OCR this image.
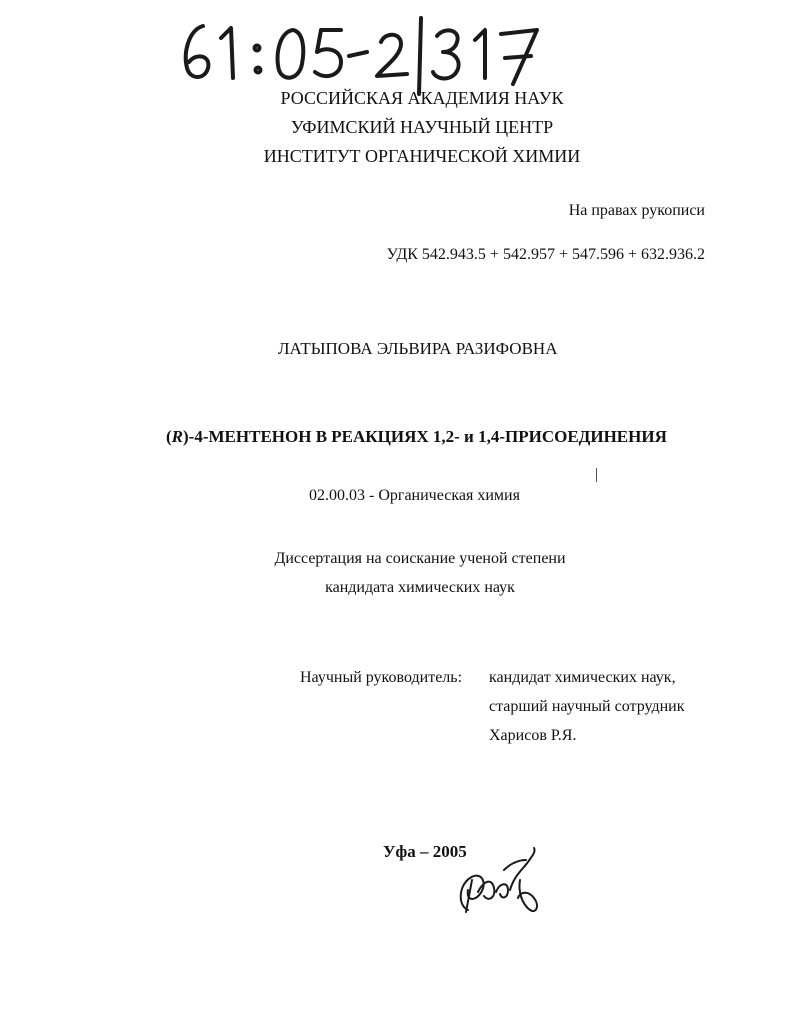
РОССИЙСКАЯ АКАДЕМИЯ НАУК
УФИМСКИЙ НАУЧНЫЙ ЦЕНТР
ИНСТИТУТ ОРГАНИЧЕСКОЙ ХИМИИ
На правах рукописи
УДК 542.943.5 + 542.957 + 547.596 + 632.936.2
ЛАТЫПОВА ЭЛЬВИРА РАЗИФОВНА
(R)-4-МЕНТЕНОН В РЕАКЦИЯХ 1,2- и 1,4-ПРИСОЕДИНЕНИЯ
02.00.03 - Органическая химия
Диссертация на соискание ученой степени
кандидата химических наук
Научный руководитель: кандидат химических наук,
старший научный сотрудник
Харисов Р.Я.
Уфа – 2005
